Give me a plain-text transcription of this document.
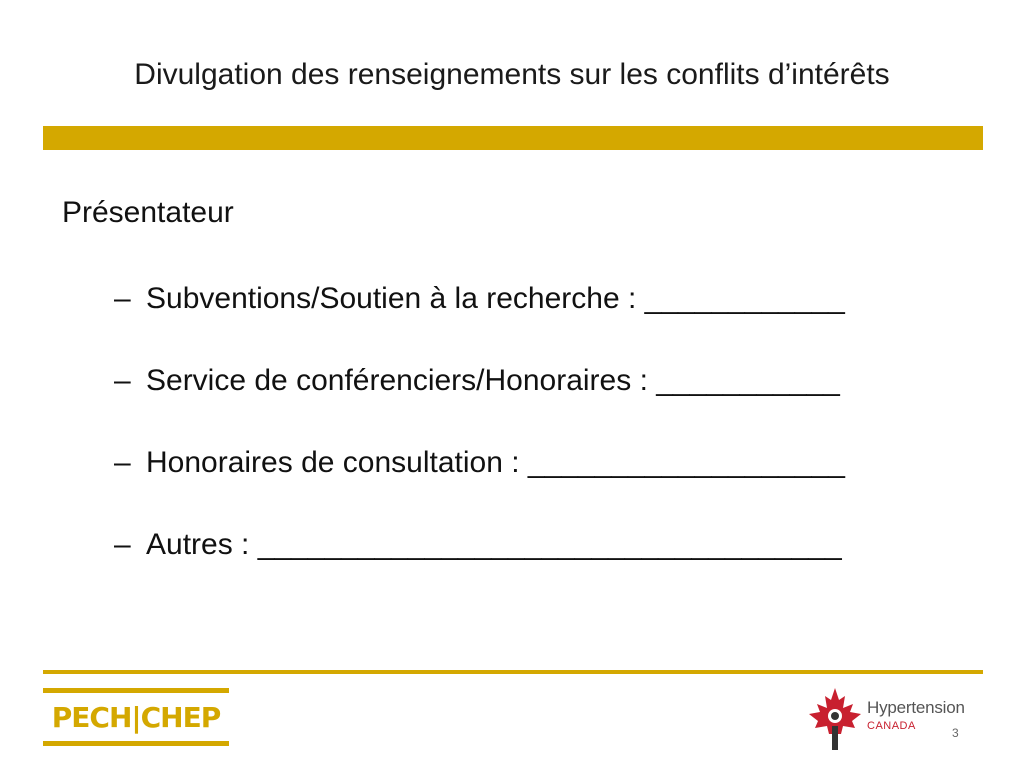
Divulgation des renseignements sur les conflits d’intérêts
Présentateur
– Subventions/Soutien à la recherche : ____________
– Service de conférenciers/Honoraires : ___________
– Honoraires de consultation : ___________________
– Autres : ___________________________________
PECH|CHEP	Hypertension
CANADA	3
